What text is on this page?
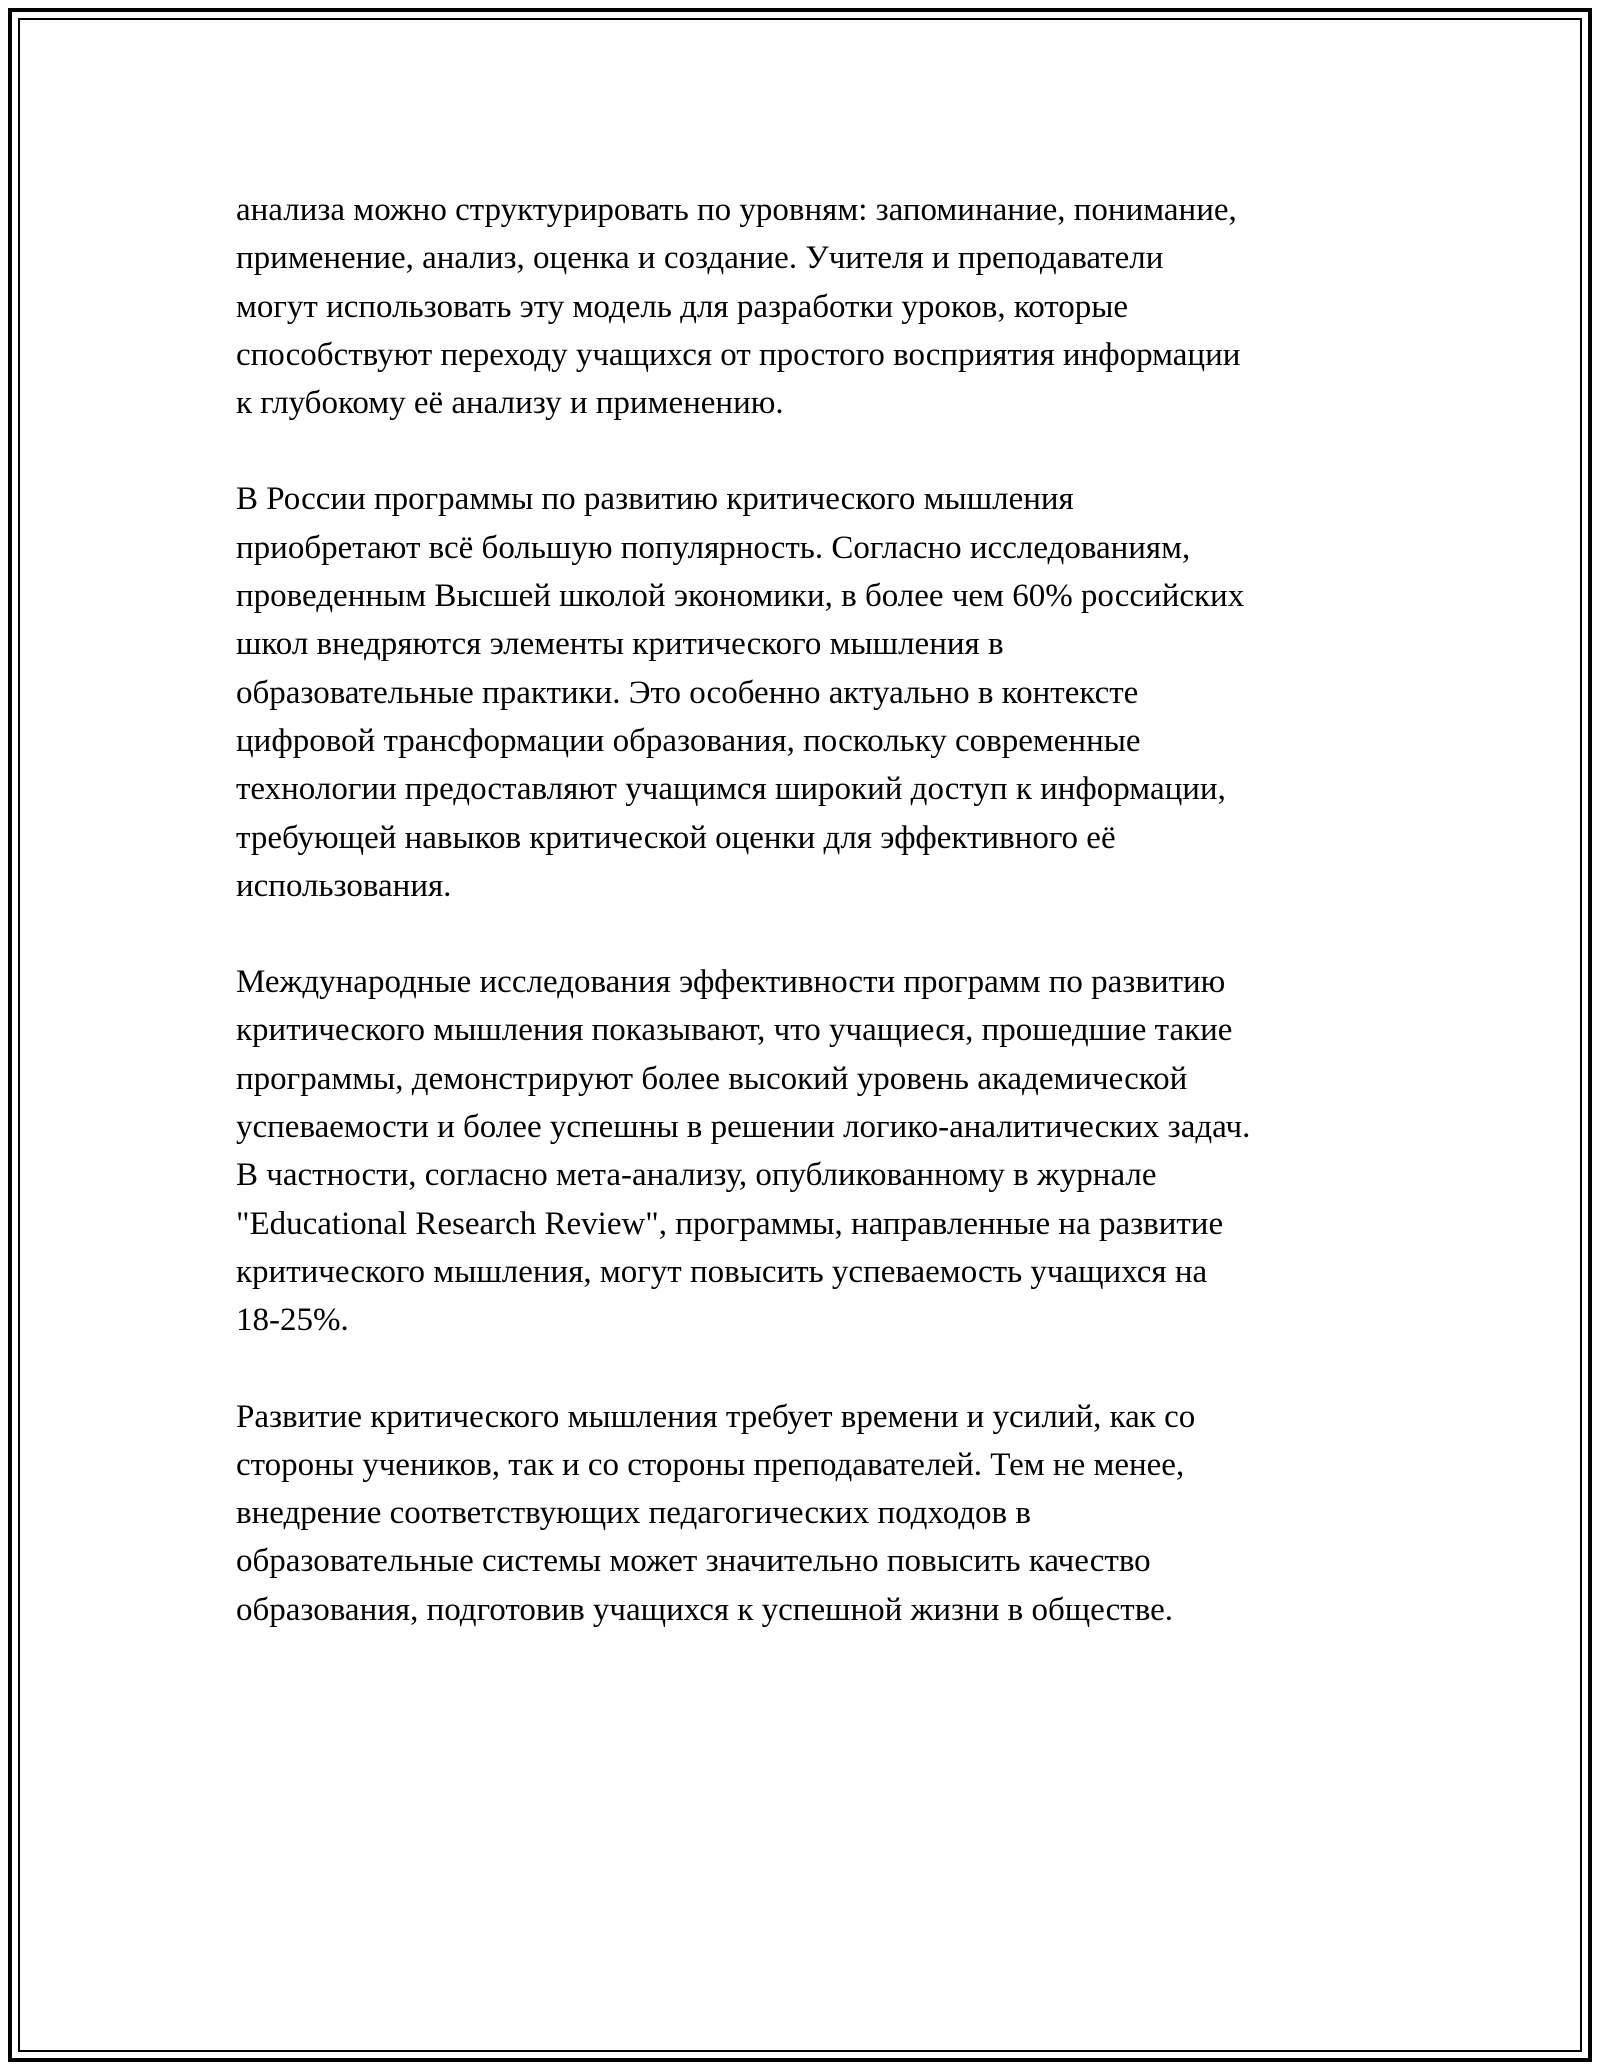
анализа можно структурировать по уровням: запоминание, понимание,
применение, анализ, оценка и создание. Учителя и преподаватели
могут использовать эту модель для разработки уроков, которые
способствуют переходу учащихся от простого восприятия информации
к глубокому её анализу и применению.

В России программы по развитию критического мышления
приобретают всё большую популярность. Согласно исследованиям,
проведенным Высшей школой экономики, в более чем 60% российских
школ внедряются элементы критического мышления в
образовательные практики. Это особенно актуально в контексте
цифровой трансформации образования, поскольку современные
технологии предоставляют учащимся широкий доступ к информации,
требующей навыков критической оценки для эффективного её
использования.

Международные исследования эффективности программ по развитию
критического мышления показывают, что учащиеся, прошедшие такие
программы, демонстрируют более высокий уровень академической
успеваемости и более успешны в решении логико-аналитических задач.
В частности, согласно мета-анализу, опубликованному в журнале
"Educational Research Review", программы, направленные на развитие
критического мышления, могут повысить успеваемость учащихся на
18-25%.

Развитие критического мышления требует времени и усилий, как со
стороны учеников, так и со стороны преподавателей. Тем не менее,
внедрение соответствующих педагогических подходов в
образовательные системы может значительно повысить качество
образования, подготовив учащихся к успешной жизни в обществе.
